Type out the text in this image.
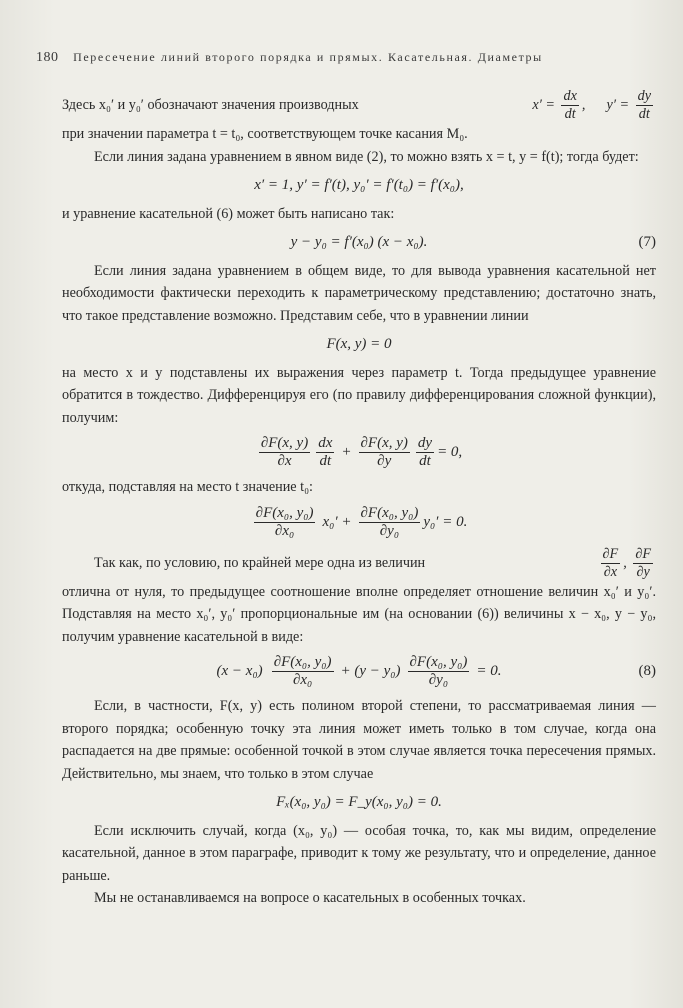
180 Пересечение линий второго порядка и прямых. Касательная. Диаметры
Здесь x₀′ и y₀′ обозначают значения производных	$x' = \frac{dx}{dt}$ ,  $y' = \frac{dy}{dt}$

при значении параметра t = t₀, соответствующем точке касания M₀.

Если линия задана уравнением в явном виде (2), то можно взять x = t, y = f(t); тогда будет:

x′ = 1, y′ = f′(t), y₀′ = f′(t₀) = f′(x₀),

и уравнение касательной (6) может быть написано так:

y − y₀ = f′(x₀) (x − x₀).	(7)

Если линия задана уравнением в общем виде, то для вывода уравнения касательной нет необходимости фактически переходить к параметрическому представлению; достаточно знать, что такое представление возможно. Представим себе, что в уравнении линии

F(x, y) = 0

на место x и y подставлены их выражения через параметр t. Тогда предыдущее уравнение обратится в тождество. Дифференцируя его (по правилу дифференцирования сложной функции), получим:

$\frac{\partial F(x, y)}{\partial x} \frac{dx}{dt} + \frac{\partial F(x, y)}{\partial y} \frac{dy}{dt} = 0$,

откуда, подставляя на место t значение t₀:

$\frac{\text{∂F(x₀, y₀)}}{\text{∂x₀}} x_0' + \frac{\text{∂F(x₀, y₀)}}{\text{∂y₀}} y_0' = 0$.
Так как, по условию, по крайней мере одна из величин	$\frac{\partial F}{\partial x}$ , $\frac{\partial F}{\partial y}$

отлична от нуля, то предыдущее соотношение вполне определяет отношение величин x₀′ и y₀′. Подставляя на место x₀′, y₀′ пропорциональные им (на основании (6)) величины x − x₀, y − y₀, получим уравнение касательной в виде:

$(x - x_0) \frac{\text{∂F(x₀, y₀)}}{\text{∂x₀}} + (y - y_0) \frac{\text{∂F(x₀, y₀)}}{\text{∂y₀}} = 0$.	(8)

Если, в частности, F(x, y) есть полином второй степени, то рассматриваемая линия — второго порядка; особенную точку эта линия может иметь только в том случае, когда она распадается на две прямые: особенной точкой в этом случае является точка пересечения прямых. Действительно, мы знаем, что только в этом случае

Fₓ(x₀, y₀) = F_y(x₀, y₀) = 0.

Если исключить случай, когда (x₀, y₀) — особая точка, то, как мы видим, определение касательной, данное в этом параграфе, приводит к тому же результату, что и определение, данное раньше.

Мы не останавливаемся на вопросе о касательных в особенных точках.
